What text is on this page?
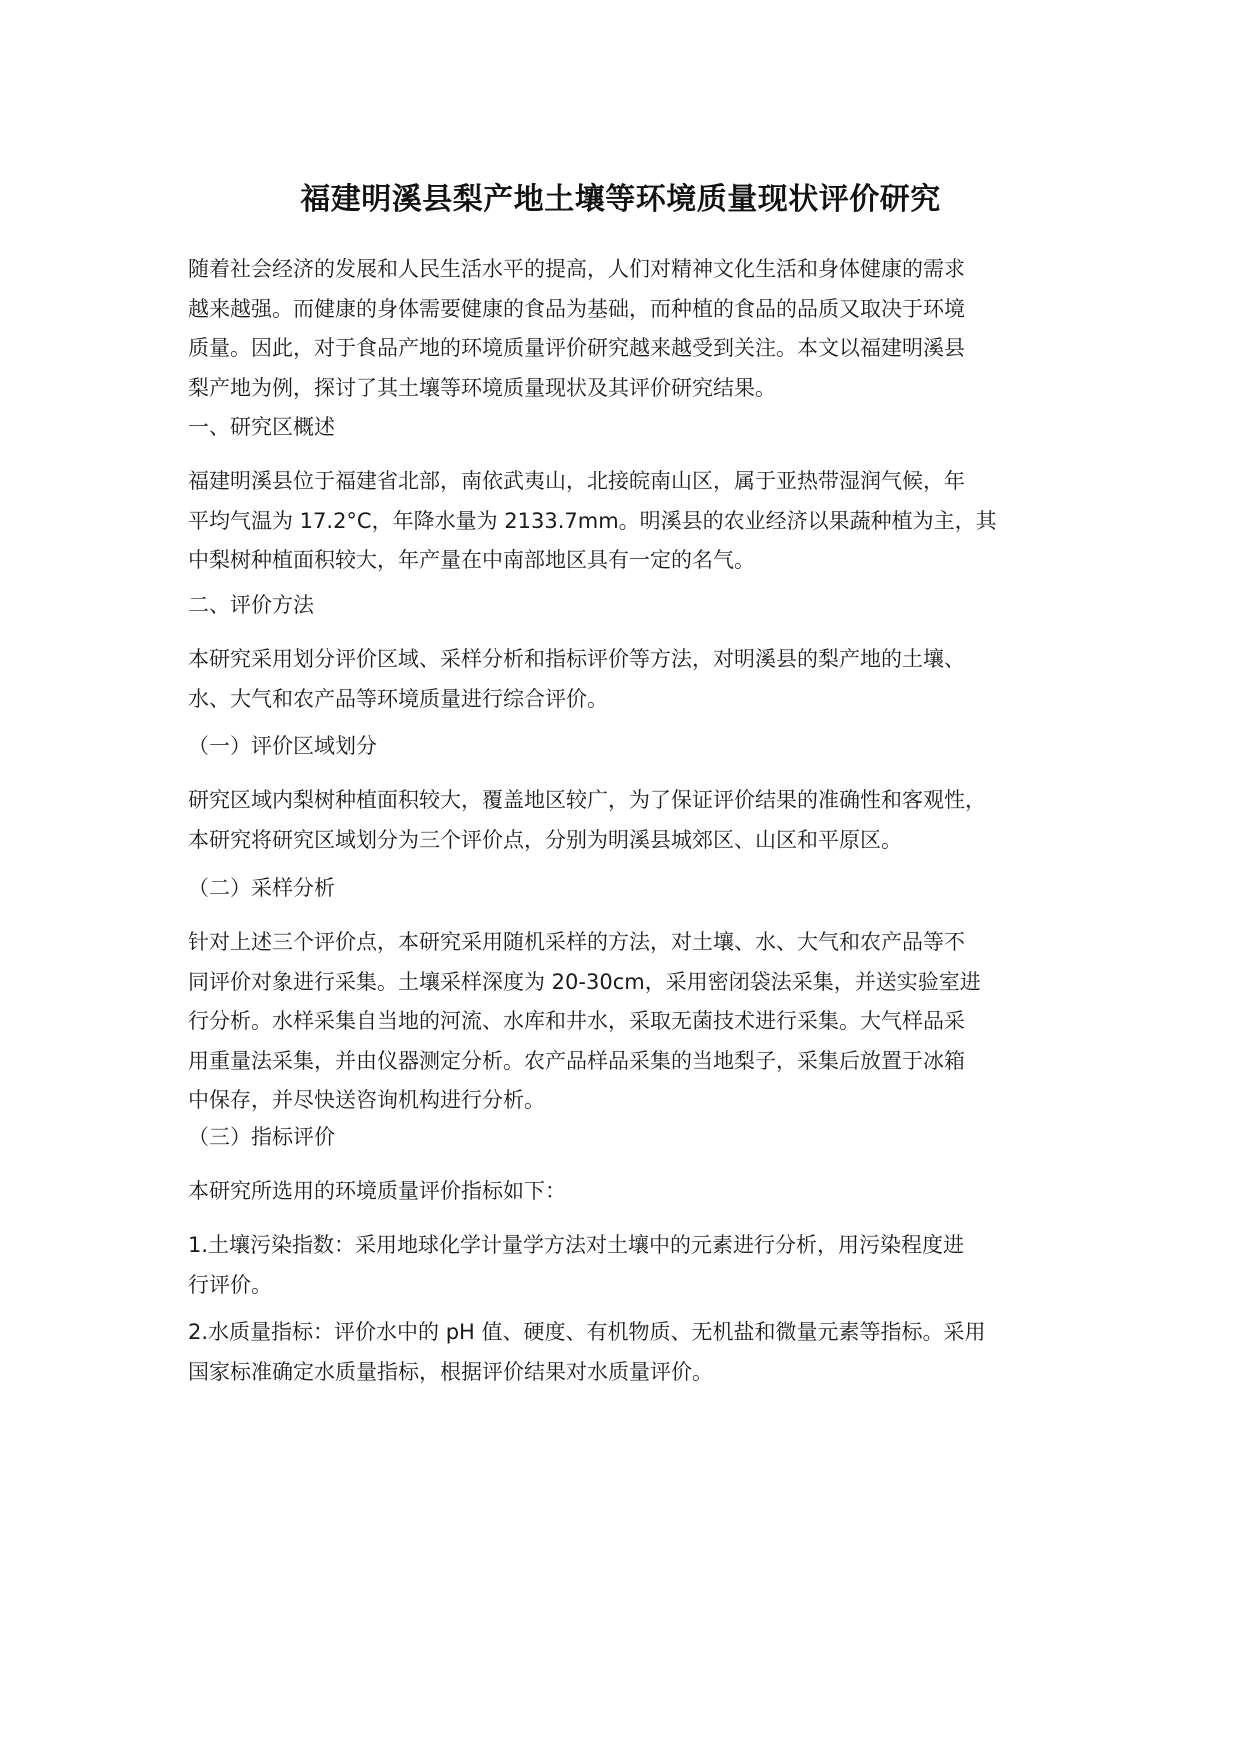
福建明溪县梨产地土壤等环境质量现状评价研究
随着社会经济的发展和人民生活水平的提高，人们对精神文化生活和身体健康的需求
越来越强。而健康的身体需要健康的食品为基础，而种植的食品的品质又取决于环境
质量。因此，对于食品产地的环境质量评价研究越来越受到关注。本文以福建明溪县
梨产地为例，探讨了其土壤等环境质量现状及其评价研究结果。
一、研究区概述
福建明溪县位于福建省北部，南依武夷山，北接皖南山区，属于亚热带湿润气候，年
平均气温为 17.2°C，年降水量为 2133.7mm。明溪县的农业经济以果蔬种植为主，其
中梨树种植面积较大，年产量在中南部地区具有一定的名气。
二、评价方法
本研究采用划分评价区域、采样分析和指标评价等方法，对明溪县的梨产地的土壤、
水、大气和农产品等环境质量进行综合评价。
（一）评价区域划分
研究区域内梨树种植面积较大，覆盖地区较广，为了保证评价结果的准确性和客观性，
本研究将研究区域划分为三个评价点，分别为明溪县城郊区、山区和平原区。
（二）采样分析
针对上述三个评价点，本研究采用随机采样的方法，对土壤、水、大气和农产品等不
同评价对象进行采集。土壤采样深度为 20-30cm，采用密闭袋法采集，并送实验室进
行分析。水样采集自当地的河流、水库和井水，采取无菌技术进行采集。大气样品采
用重量法采集，并由仪器测定分析。农产品样品采集的当地梨子，采集后放置于冰箱
中保存，并尽快送咨询机构进行分析。
（三）指标评价
本研究所选用的环境质量评价指标如下：
1.土壤污染指数：采用地球化学计量学方法对土壤中的元素进行分析，用污染程度进
行评价。
2.水质量指标：评价水中的 pH 值、硬度、有机物质、无机盐和微量元素等指标。采用
国家标准确定水质量指标，根据评价结果对水质量评价。
